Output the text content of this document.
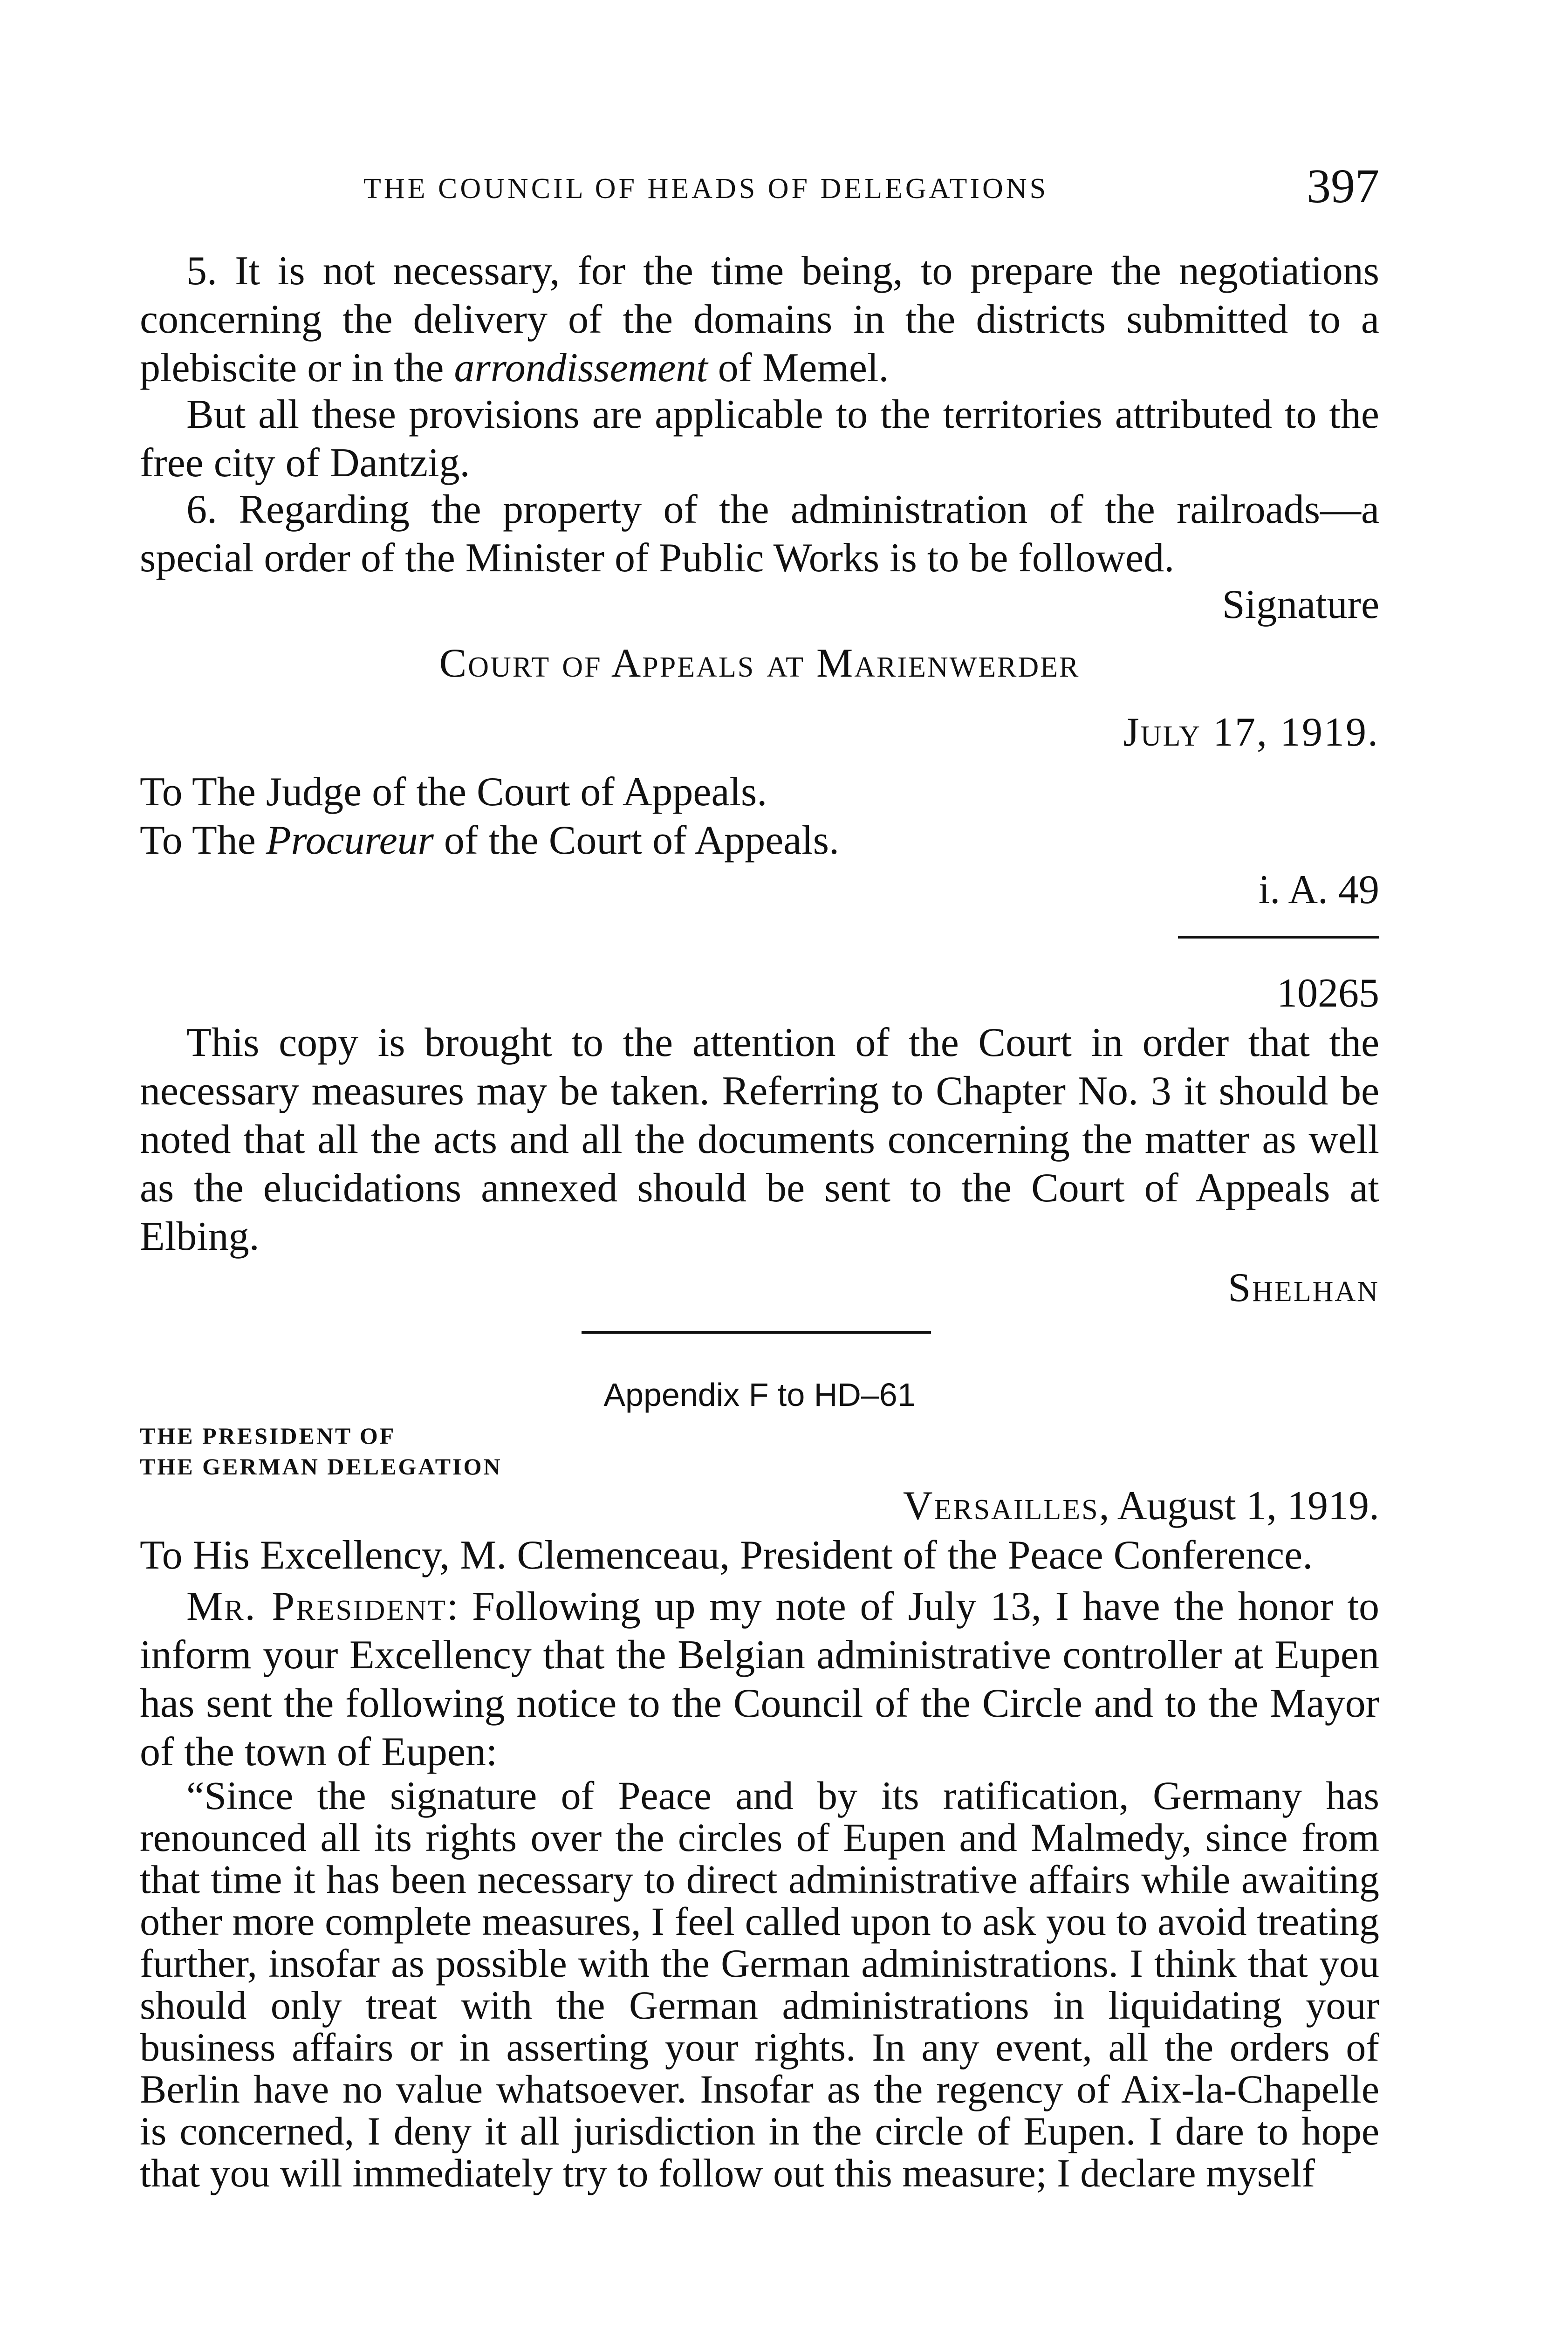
THE COUNCIL OF HEADS OF DELEGATIONS	397

5. It is not necessary, for the time being, to prepare the negotiations concerning the delivery of the domains in the districts submitted to a plebiscite or in the arrondissement of Memel.

But all these provisions are applicable to the territories attributed to the free city of Dantzig.

6. Regarding the property of the administration of the railroads—a special order of the Minister of Public Works is to be followed.

Signature
Court of Appeals at Marienwerder
July 17, 1919.
To The Judge of the Court of Appeals.
To The Procureur of the Court of Appeals.
i. A. 49
10265

This copy is brought to the attention of the Court in order that the necessary measures may be taken. Referring to Chapter No. 3 it should be noted that all the acts and all the documents concerning the matter as well as the elucidations annexed should be sent to the Court of Appeals at Elbing.

Shelhan
Appendix F to HD–61
THE PRESIDENT OF
THE GERMAN DELEGATION
Versailles, August 1, 1919.
To His Excellency, M. Clemenceau, President of the Peace Conference.

Mr. President: Following up my note of July 13, I have the honor to inform your Excellency that the Belgian administrative controller at Eupen has sent the following notice to the Council of the Circle and to the Mayor of the town of Eupen:

“Since the signature of Peace and by its ratification, Germany has renounced all its rights over the circles of Eupen and Malmedy, since from that time it has been necessary to direct administrative affairs while awaiting other more complete measures, I feel called upon to ask you to avoid treating further, insofar as possible with the German administrations. I think that you should only treat with the German administrations in liquidating your business affairs or in asserting your rights. In any event, all the orders of Berlin have no value whatsoever. Insofar as the regency of Aix-la-Chapelle is concerned, I deny it all jurisdiction in the circle of Eupen. I dare to hope that you will immediately try to follow out this measure; I declare myself
